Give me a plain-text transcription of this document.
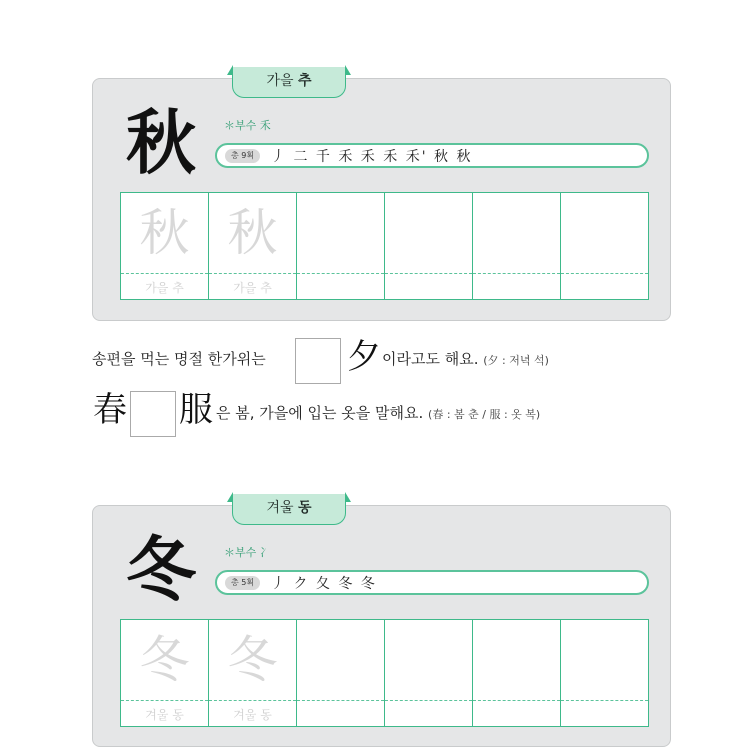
가을 추
秋	＊부수 禾
총 9획	丿 二 千 禾 禾 禾 禾' 秋 秋
秋
가을 추
秋
가을 추
송편을 먹는 명절 한가위는 夕 이라고도 해요. (夕 : 저녁 석)
春 服 은 봄, 가을에 입는 옷을 말해요. (春 : 봄 춘 / 服 : 옷 복)
겨울 동
冬	＊부수 冫
총 5획	丿 ク 夂 冬 冬
冬
겨울 동
冬
겨울 동
